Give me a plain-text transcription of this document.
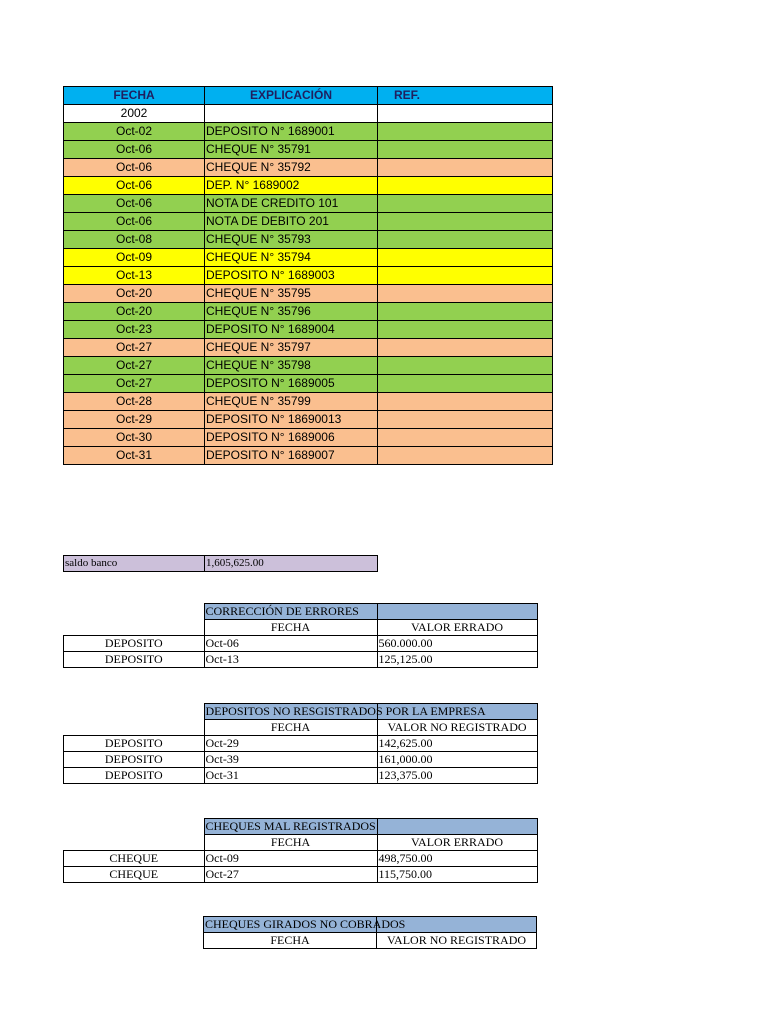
FECHA	EXPLICACIÓN	REF.
2002		
Oct-02	DEPOSITO N° 1689001	
Oct-06	CHEQUE N° 35791	
Oct-06	CHEQUE N° 35792	
Oct-06	DEP. N° 1689002	
Oct-06	NOTA DE CREDITO 101	
Oct-06	NOTA DE DEBITO 201	
Oct-08	CHEQUE N° 35793	
Oct-09	CHEQUE N° 35794	
Oct-13	DEPOSITO N° 1689003	
Oct-20	CHEQUE N° 35795	
Oct-20	CHEQUE N° 35796	
Oct-23	DEPOSITO N° 1689004	
Oct-27	CHEQUE N° 35797	
Oct-27	CHEQUE N° 35798	
Oct-27	DEPOSITO N° 1689005	
Oct-28	CHEQUE N° 35799	
Oct-29	DEPOSITO N° 18690013	
Oct-30	DEPOSITO N° 1689006	
Oct-31	DEPOSITO N° 1689007	
saldo banco	1,605,625.00
	CORRECCIÓN DE ERRORES	
	FECHA	VALOR ERRADO
DEPOSITO	Oct-06	560.000.00
DEPOSITO	Oct-13	125,125.00
	DEPOSITOS NO RESGISTRADOS POR LA EMPRESA	
	FECHA	VALOR NO REGISTRADO
DEPOSITO	Oct-29	142,625.00
DEPOSITO	Oct-39	161,000.00
DEPOSITO	Oct-31	123,375.00
	CHEQUES MAL REGISTRADOS	
	FECHA	VALOR ERRADO
CHEQUE	Oct-09	498,750.00
CHEQUE	Oct-27	115,750.00
	CHEQUES GIRADOS NO COBRADOS	
	FECHA	VALOR NO REGISTRADO
